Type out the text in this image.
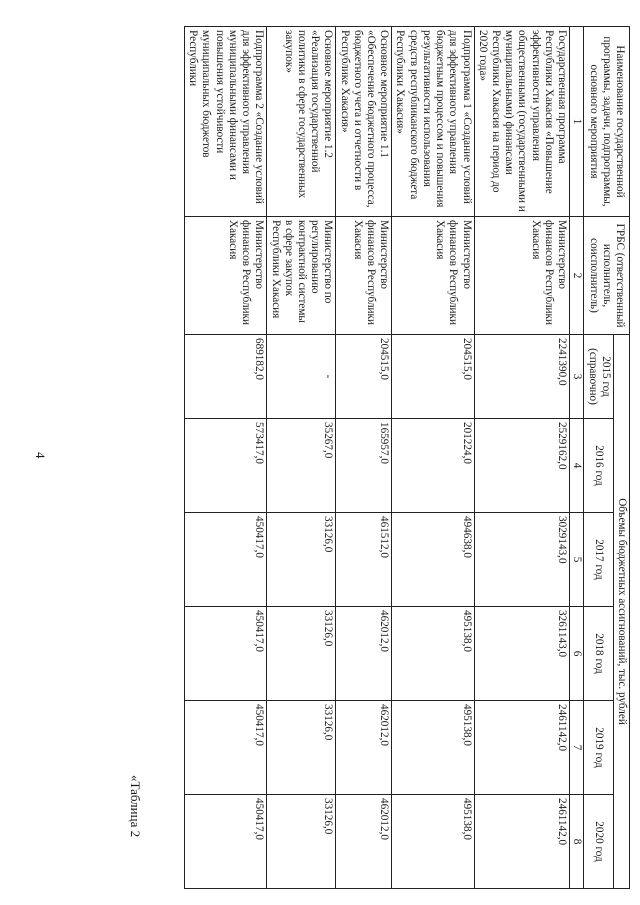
4
«Таблица 2
Наименование государственной программы, задачи, подпрограммы, основного мероприятия	ГРБС (ответственный исполнитель, соисполнитель)	Объемы бюджетных ассигнований, тыс. рублей					
		2015 год (справочно)	2016 год	2017 год	2018 год	2019 год	2020 год
1	2	3	4	5	6	7	8
Государственная программа Республики Хакасия «Повышение эффективности управления общественными (государственными и муниципальными) финансами Республики Хакасия на период до 2020 года»	Министерство финансов Республики Хакасия	2241390,0	2529162,0	3029143,0	3261143,0	2461142,0	2461142,0
Подпрограмма 1 «Создание условий для эффективного управления бюджетным процессом и повышения результативности использования средств республиканского бюджета Республики Хакасия»	Министерство финансов Республики Хакасия	204515,0	201224,0	494638,0	495138,0	495138,0	495138,0
Основное мероприятие 1.1 «Обеспечение бюджетного процесса, бюджетного учета и отчетности в Республике Хакасия»	Министерство финансов Республики Хакасия	204515,0	165957,0	461512,0	462012,0	462012,0	462012,0
Основное мероприятие 1.2 «Реализация государственной политики в сфере государственных закупок»	Министерство по регулированию контрактной системы в сфере закупок Республики Хакасия	-	35267,0	33126,0	33126,0	33126,0	33126,0
Подпрограмма 2 «Создание условий для эффективного управления муниципальными финансами и повышения устойчивости муниципальных бюджетов Республики	Министерство финансов Республики Хакасия	689182,0	573417,0	450417,0	450417,0	450417,0	450417,0
